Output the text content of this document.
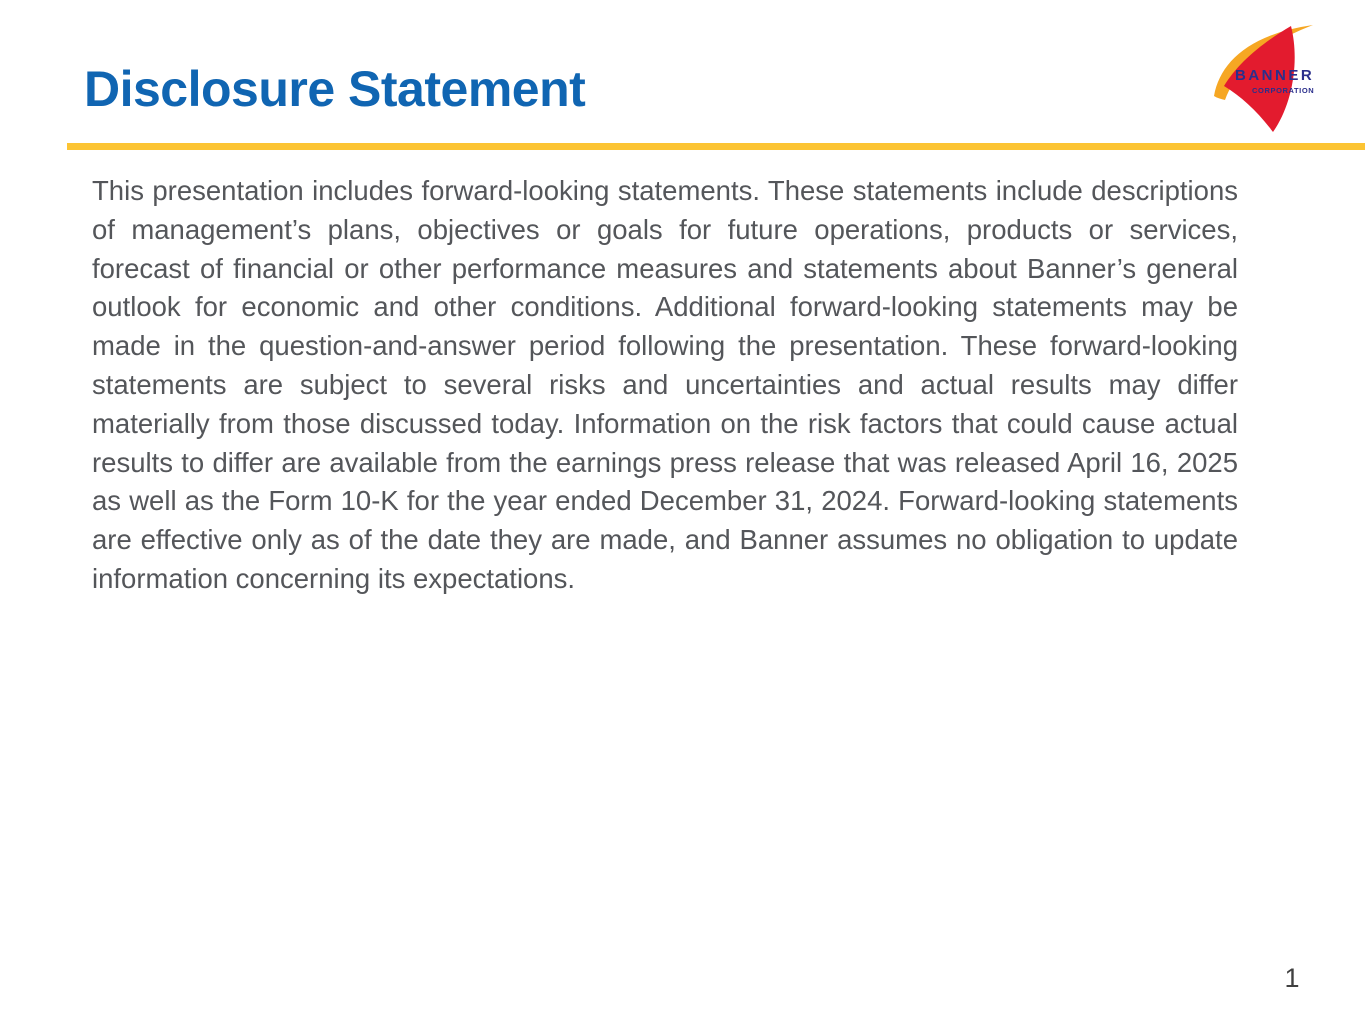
Disclosure Statement	BANNER
CORPORATION

This presentation includes forward-looking statements. These statements include descriptions of management’s plans, objectives or goals for future operations, products or services, forecast of financial or other performance measures and statements about Banner’s general outlook for economic and other conditions. Additional forward-looking statements may be made in the question-and-answer period following the presentation. These forward-looking statements are subject to several risks and uncertainties and actual results may differ materially from those discussed today. Information on the risk factors that could cause actual results to differ are available from the earnings press release that was released April 16, 2025 as well as the Form 10-K for the year ended December 31, 2024. Forward-looking statements are effective only as of the date they are made, and Banner assumes no obligation to update information concerning its expectations.

1
